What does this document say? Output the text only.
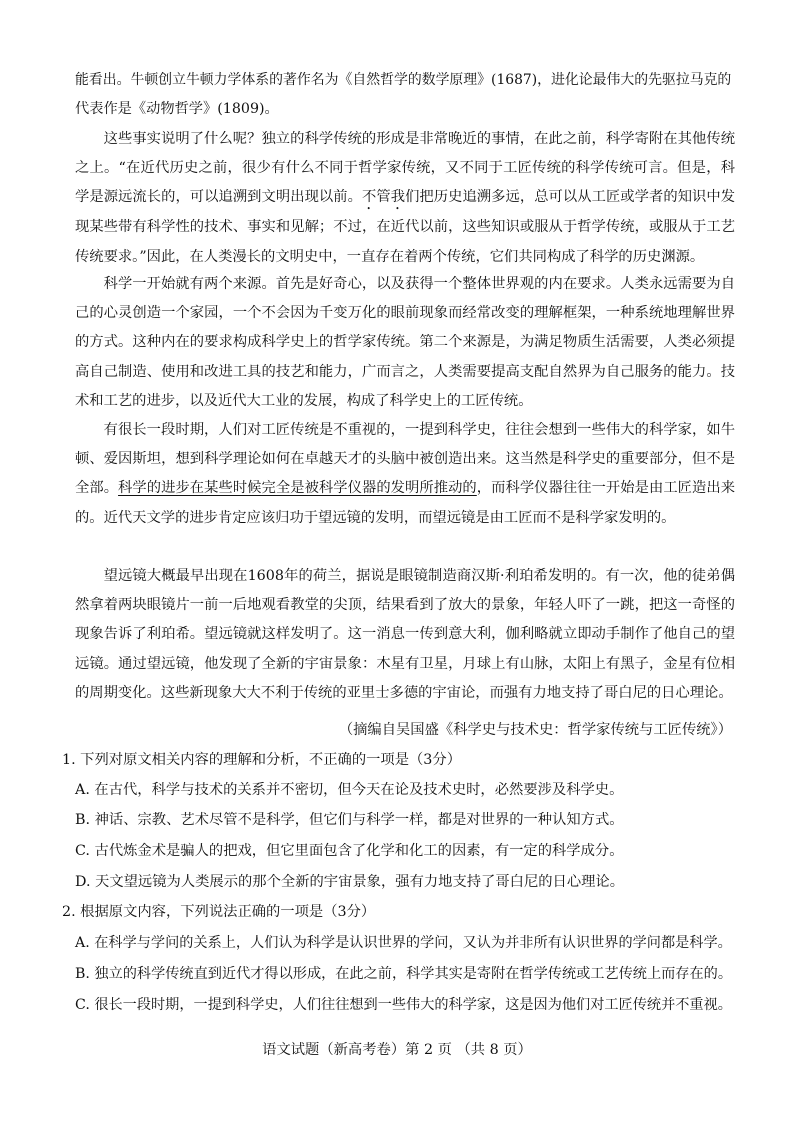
能看出。牛顿创立牛顿力学体系的著作名为《自然哲学的数学原理》(1687)，进化论最伟大的先驱拉马克的
代表作是《动物哲学》(1809)。
这些事实说明了什么呢？独立的科学传统的形成是非常晚近的事情，在此之前，科学寄附在其他传统之上。“在近代历史之前，很少有什么不同于哲学家传统，又不同于工匠传统的科学传统可言。但是，科学是源远流长的，可以追溯到文明出现以前。不管我们把历史追溯多远，总可以从工匠或学者的知识中发现某些带有科学性的技术、事实和见解；不过，在近代以前，这些知识或服从于哲学传统，或服从于工艺传统要求。”因此，在人类漫长的文明史中，一直存在着两个传统，它们共同构成了科学的历史渊源。
科学一开始就有两个来源。首先是好奇心，以及获得一个整体世界观的内在要求。人类永远需要为自己的心灵创造一个家园，一个不会因为千变万化的眼前现象而经常改变的理解框架，一种系统地理解世界的方式。这种内在的要求构成科学史上的哲学家传统。第二个来源是，为满足物质生活需要，人类必须提高自己制造、使用和改进工具的技艺和能力，广而言之，人类需要提高支配自然界为自己服务的能力。技术和工艺的进步，以及近代大工业的发展，构成了科学史上的工匠传统。
有很长一段时期，人们对工匠传统是不重视的，一提到科学史，往往会想到一些伟大的科学家，如牛顿、爱因斯坦，想到科学理论如何在卓越天才的头脑中被创造出来。这当然是科学史的重要部分，但不是全部。科学的进步在某些时候完全是被科学仪器的发明所推动的，而科学仪器往往一开始是由工匠造出来的。近代天文学的进步肯定应该归功于望远镜的发明，而望远镜是由工匠而不是科学家发明的。
望远镜大概最早出现在1608年的荷兰，据说是眼镜制造商汉斯·利珀希发明的。有一次，他的徒弟偶然拿着两块眼镜片一前一后地观看教堂的尖顶，结果看到了放大的景象，年轻人吓了一跳，把这一奇怪的现象告诉了利珀希。望远镜就这样发明了。这一消息一传到意大利，伽利略就立即动手制作了他自己的望远镜。通过望远镜，他发现了全新的宇宙景象：木星有卫星，月球上有山脉，太阳上有黑子，金星有位相的周期变化。这些新现象大大不利于传统的亚里士多德的宇宙论，而强有力地支持了哥白尼的日心理论。
（摘编自吴国盛《科学史与技术史：哲学家传统与工匠传统》）
1. 下列对原文相关内容的理解和分析，不正确的一项是（3分）
A. 在古代，科学与技术的关系并不密切，但今天在论及技术史时，必然要涉及科学史。
B. 神话、宗教、艺术尽管不是科学，但它们与科学一样，都是对世界的一种认知方式。
C. 古代炼金术是骗人的把戏，但它里面包含了化学和化工的因素，有一定的科学成分。
D. 天文望远镜为人类展示的那个全新的宇宙景象，强有力地支持了哥白尼的日心理论。
2. 根据原文内容，下列说法正确的一项是（3分）
A. 在科学与学问的关系上，人们认为科学是认识世界的学问，又认为并非所有认识世界的学问都是科学。
B. 独立的科学传统直到近代才得以形成，在此之前，科学其实是寄附在哲学传统或工艺传统上而存在的。
C. 很长一段时期，一提到科学史，人们往往想到一些伟大的科学家，这是因为他们对工匠传统并不重视。
语文试题（新高考卷）第 2 页 （共 8 页）
